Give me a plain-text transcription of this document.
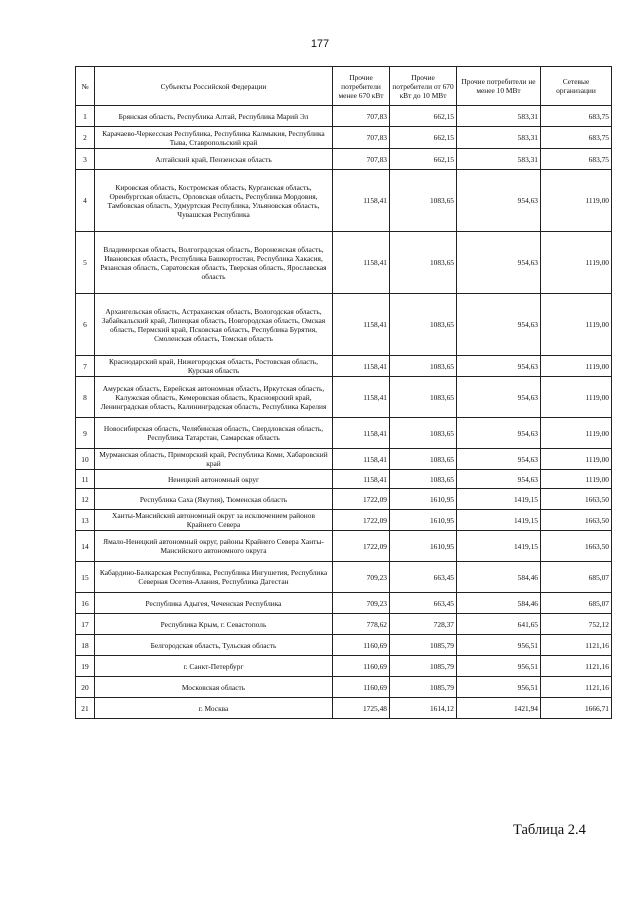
177
№	Субъекты Российской Федерации	Прочие потребители менее 670 кВт	Прочие потребители от 670 кВт до 10 МВт	Прочие потребители не менее 10 МВт	Сетевые организации
1	Брянская область, Республика Алтай, Республика Марий Эл	707,83	662,15	583,31	683,75
2	Карачаево-Черкесская Республика, Республика Калмыкия, Республика Тыва, Ставропольский край	707,83	662,15	583,31	683,75
3	Алтайский край, Пензенская область	707,83	662,15	583,31	683,75
4	Кировская область, Костромская область, Курганская область, Оренбургская область, Орловская область, Республика Мордовия, Тамбовская область, Удмуртская Республика, Ульяновская область, Чувашская Республика	1158,41	1083,65	954,63	1119,00
5	Владимирская область, Волгоградская область, Воронежская область, Ивановская область, Республика Башкортостан, Республика Хакасия, Рязанская область, Саратовская область, Тверская область, Ярославская область	1158,41	1083,65	954,63	1119,00
6	Архангельская область, Астраханская область, Вологодская область, Забайкальский край, Липецкая область, Новгородская область, Омская область, Пермский край, Псковская область, Республика Бурятия, Смоленская область, Томская область	1158,41	1083,65	954,63	1119,00
7	Краснодарский край, Нижегородская область, Ростовская область, Курская область	1158,41	1083,65	954,63	1119,00
8	Амурская область, Еврейская автономная область, Иркутская область, Калужская область, Кемеровская область, Красноярский край, Ленинградская область, Калининградская область, Республика Карелия	1158,41	1083,65	954,63	1119,00
9	Новосибирская область, Челябинская область, Свердловская область, Республика Татарстан, Самарская область	1158,41	1083,65	954,63	1119,00
10	Мурманская область, Приморский край, Республика Коми, Хабаровский край	1158,41	1083,65	954,63	1119,00
11	Ненецкий автономный округ	1158,41	1083,65	954,63	1119,00
12	Республика Саха (Якутия), Тюменская область	1722,09	1610,95	1419,15	1663,50
13	Ханты-Мансийский автономный округ за исключением районов Крайнего Севера	1722,09	1610,95	1419,15	1663,50
14	Ямало-Ненецкий автономный округ, районы Крайнего Севера Ханты-Мансийского автономного округа	1722,09	1610,95	1419,15	1663,50
15	Кабардино-Балкарская Республика, Республика Ингушетия, Республика Северная Осетия-Алания, Республика Дагестан	709,23	663,45	584,46	685,07
16	Республика Адыгея, Чеченская Республика	709,23	663,45	584,46	685,07
17	Республика Крым, г. Севастополь	778,62	728,37	641,65	752,12
18	Белгородская область, Тульская область	1160,69	1085,79	956,51	1121,16
19	г. Санкт-Петербург	1160,69	1085,79	956,51	1121,16
20	Московская область	1160,69	1085,79	956,51	1121,16
21	г. Москва	1725,48	1614,12	1421,94	1666,71
Таблица 2.4
